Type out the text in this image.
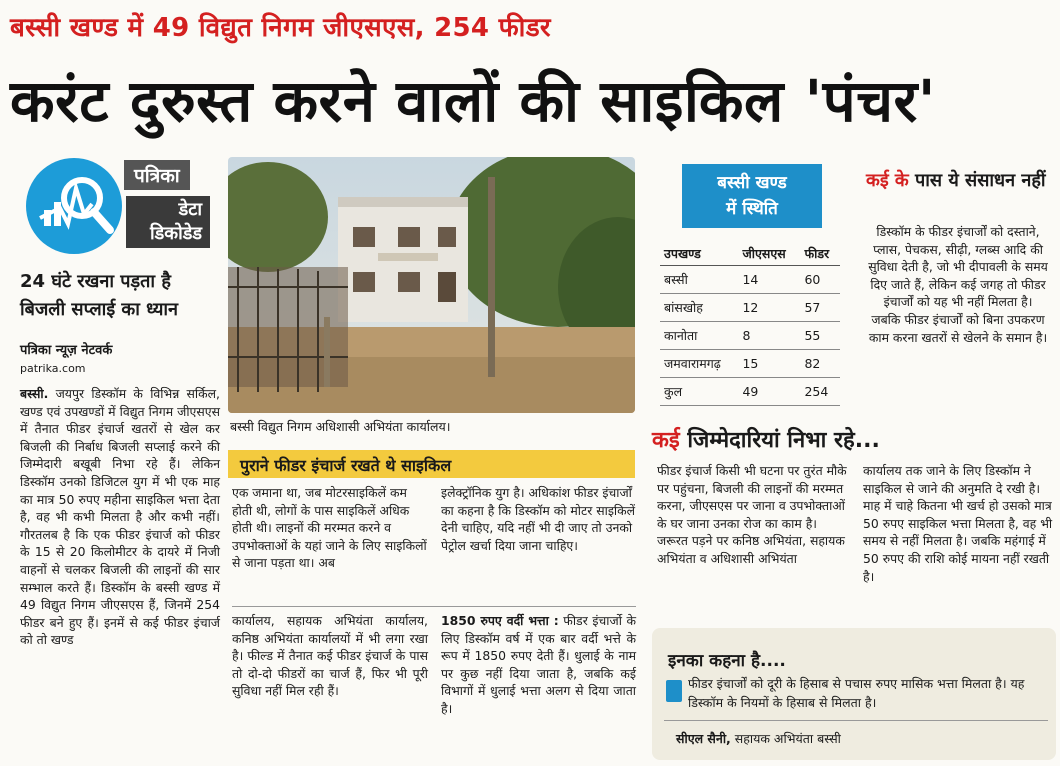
बस्सी खण्ड में 49 विद्युत निगम जीएसएस, 254 फीडर
करंट दुरुस्त करने वालों की साइकिल 'पंचर'
पत्रिका
डेटा
डिकोडेड
24 घंटे रखना पड़ता है बिजली सप्लाई का ध्यान
पत्रिका न्यूज़ नेटवर्क
patrika.com
बस्सी. जयपुर डिस्कॉम के विभिन्न सर्किल, खण्ड एवं उपखण्डों में विद्युत निगम जीएसएस में तैनात फीडर इंचार्ज खतरों से खेल कर बिजली की निर्बाध बिजली सप्लाई करने की जिम्मेदारी बखूबी निभा रहे हैं। लेकिन डिस्कॉम उनको डिजिटल युग में भी एक माह का मात्र 50 रुपए महीना साइकिल भत्ता देता है, वह भी कभी मिलता है और कभी नहीं। गौरतलब है कि एक फीडर इंचार्ज को फीडर के 15 से 20 किलोमीटर के दायरे में निजी वाहनों से चलकर बिजली की लाइनों की सार सम्भाल करते हैं। डिस्कॉम के बस्सी खण्ड में 49 विद्युत निगम जीएसएस हैं, जिनमें 254 फीडर बने हुए हैं। इनमें से कई फीडर इंचार्ज को तो खण्ड
बस्सी विद्युत निगम अधिशासी अभियंता कार्यालय।
पुराने फीडर इंचार्ज रखते थे साइकिल
एक जमाना था, जब मोटरसाइकिलें कम होती थी, लोगों के पास साइकिलें अधिक होती थी। लाइनों की मरम्मत करने व उपभोक्ताओं के यहां जाने के लिए साइकिलों से जाना पड़ता था। अब
इलेक्ट्रॉनिक युग है। अधिकांश फीडर इंचार्जों का कहना है कि डिस्कॉम को मोटर साइकिलें देनी चाहिए, यदि नहीं भी दी जाए तो उनको पेट्रोल खर्चा दिया जाना चाहिए।
कार्यालय, सहायक अभियंता कार्यालय, कनिष्ठ अभियंता कार्यालयों में भी लगा रखा है। फील्ड में तैनात कई फीडर इंचार्ज के पास तो दो-दो फीडरों का चार्ज हैं, फिर भी पूरी सुविधा नहीं मिल रही हैं।
1850 रुपए वर्दी भत्ता : फीडर इंचार्जो के लिए डिस्कॉम वर्ष में एक बार वर्दी भत्ते के रूप में 1850 रुपए देती हैं। धुलाई के नाम पर कुछ नहीं दिया जाता है, जबकि कई विभागों में धुलाई भत्ता अलग से दिया जाता है।
बस्सी खण्ड
में स्थिति
उपखण्ड	जीएसएस	फीडर
बस्सी	14	60
बांसखोह	12	57
कानोता	8	55
जमवारामगढ़	15	82
कुल	49	254
कई के पास ये संसाधन नहीं
डिस्कॉम के फीडर इंचार्जों को दस्ताने, प्लास, पेचकस, सीढ़ी, ग्लब्स आदि की सुविधा देती है, जो भी दीपावली के समय दिए जाते हैं, लेकिन कई जगह तो फीडर इंचार्जों को यह भी नहीं मिलता है। जबकि फीडर इंचार्जों को बिना उपकरण काम करना खतरों से खेलने के समान है।
कई जिम्मेदारियां निभा रहे...
फीडर इंचार्ज किसी भी घटना पर तुरंत मौके पर पहुंचना, बिजली की लाइनों की मरम्मत करना, जीएसएस पर जाना व उपभोक्ताओं के घर जाना उनका रोज का काम है। जरूरत पड़ने पर कनिष्ठ अभियंता, सहायक अभियंता व अधिशासी अभियंता
कार्यालय तक जाने के लिए डिस्कॉम ने साइकिल से जाने की अनुमति दे रखी है। माह में चाहे कितना भी खर्च हो उसको मात्र 50 रुपए साइकिल भत्ता मिलता है, वह भी समय से नहीं मिलता है। जबकि महंगाई में 50 रुपए की राशि कोई मायना नहीं रखती है।
इनका कहना है....
फीडर इंचार्जों को दूरी के हिसाब से पचास रुपए मासिक भत्ता मिलता है। यह डिस्कॉम के नियमों के हिसाब से मिलता है।
सीएल सैनी, सहायक अभियंता बस्सी
